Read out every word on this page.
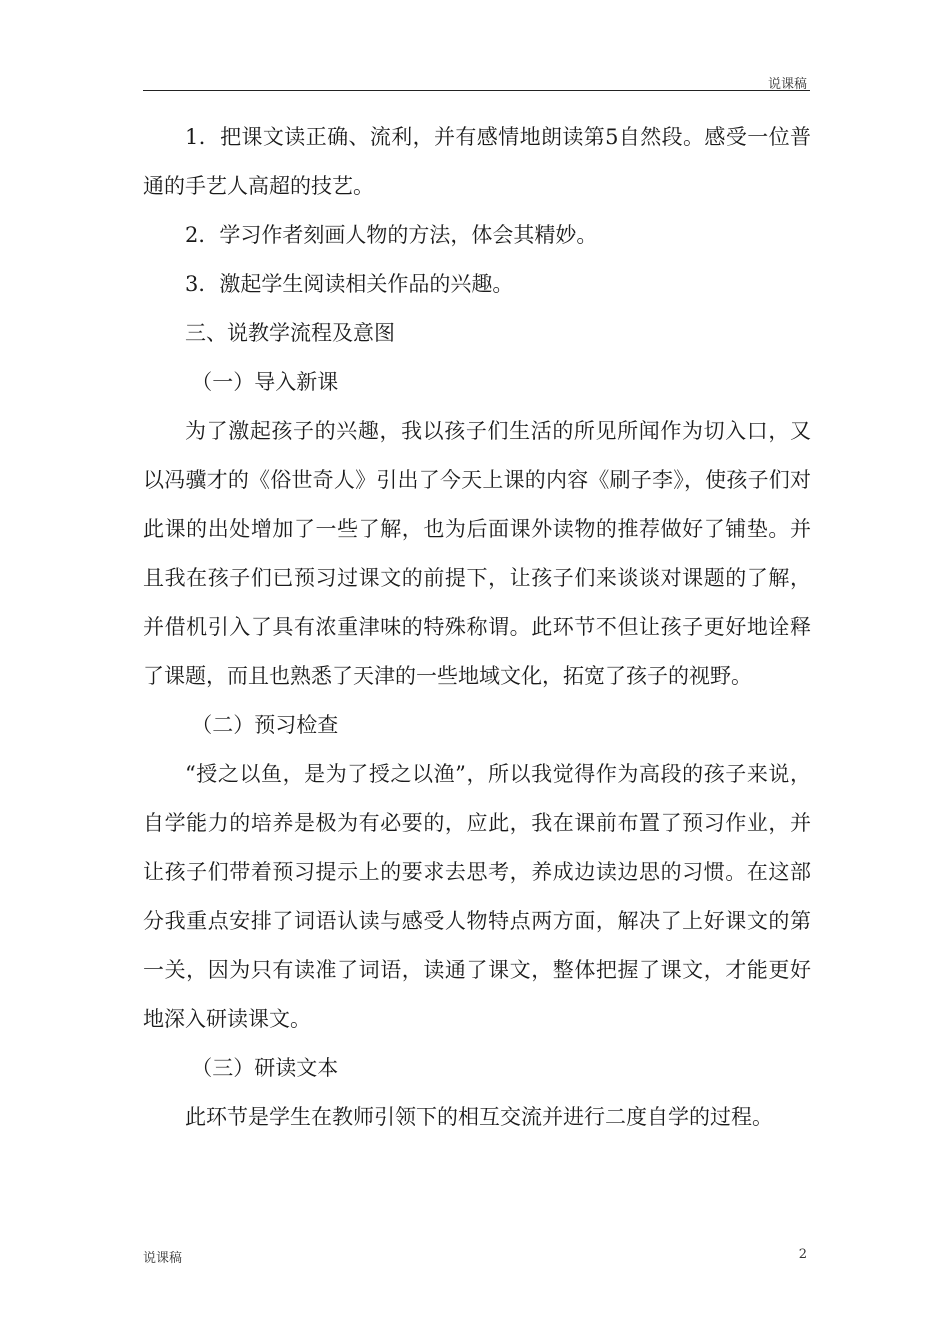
说课稿

1．把课文读正确、流利，并有感情地朗读第5自然段。感受一位普通的手艺人高超的技艺。

2．学习作者刻画人物的方法，体会其精妙。

3．激起学生阅读相关作品的兴趣。

三、说教学流程及意图

（一）导入新课

为了激起孩子的兴趣，我以孩子们生活的所见所闻作为切入口，又以冯骥才的《俗世奇人》引出了今天上课的内容《刷子李》，使孩子们对此课的出处增加了一些了解，也为后面课外读物的推荐做好了铺垫。并且我在孩子们已预习过课文的前提下，让孩子们来谈谈对课题的了解，并借机引入了具有浓重津味的特殊称谓。此环节不但让孩子更好地诠释了课题，而且也熟悉了天津的一些地域文化，拓宽了孩子的视野。

（二）预习检查

“授之以鱼，是为了授之以渔”，所以我觉得作为高段的孩子来说，自学能力的培养是极为有必要的，应此，我在课前布置了预习作业，并让孩子们带着预习提示上的要求去思考，养成边读边思的习惯。在这部分我重点安排了词语认读与感受人物特点两方面，解决了上好课文的第一关，因为只有读准了词语，读通了课文，整体把握了课文，才能更好地深入研读课文。

（三）研读文本

此环节是学生在教师引领下的相互交流并进行二度自学的过程。

说课稿	2
